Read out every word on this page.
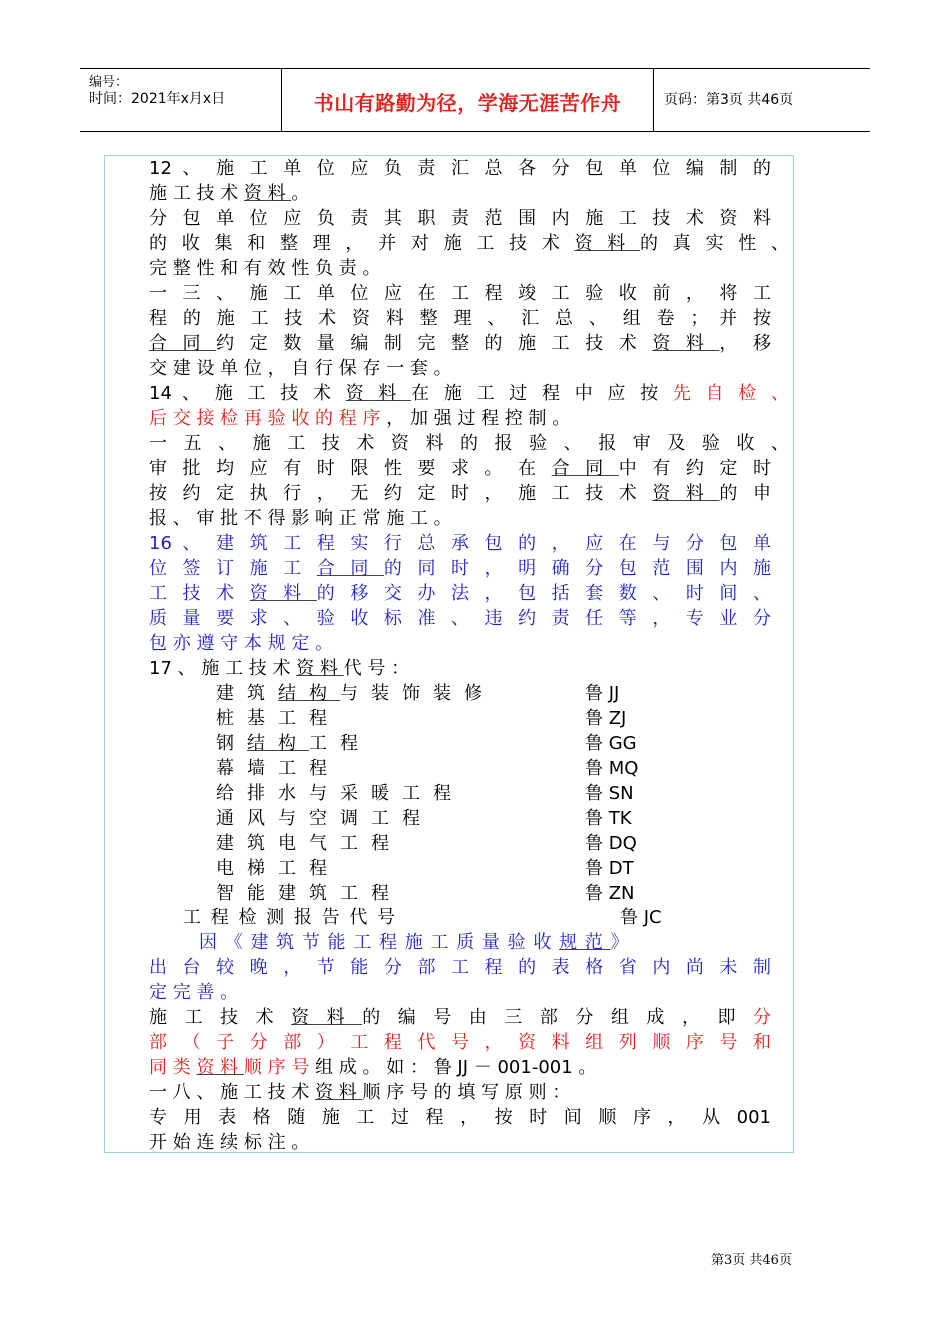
编号：
时间：2021年x月x日	书山有路勤为径，学海无涯苦作舟	页码：第3页 共46页
12 、 施 工 单 位 应 负 责 汇 总 各 分 包 单 位 编 制 的
施 工 技 术 资 料 。
分 包 单 位 应 负 责 其 职 责 范 围 内 施 工 技 术 资 料
的 收 集 和 整 理 ， 并 对 施 工 技 术 资 料 的 真 实 性 、
完 整 性 和 有 效 性 负 责 。
一 三 、 施 工 单 位 应 在 工 程 竣 工 验 收 前 ， 将 工
程 的 施 工 技 术 资 料 整 理 、 汇 总 、 组 卷 ； 并 按
合 同 约 定 数 量 编 制 完 整 的 施 工 技 术 资 料 ， 移
交 建 设 单 位 ， 自 行 保 存 一 套 。
14 、 施 工 技 术 资 料 在 施 工 过 程 中 应 按 先 自 检 、
后 交 接 检 再 验 收 的 程 序 ， 加 强 过 程 控 制 。
一 五 、 施 工 技 术 资 料 的 报 验 、 报 审 及 验 收 、
审 批 均 应 有 时 限 性 要 求 。 在 合 同 中 有 约 定 时
按 约 定 执 行 ， 无 约 定 时 ， 施 工 技 术 资 料 的 申
报 、 审 批 不 得 影 响 正 常 施 工 。
16 、 建 筑 工 程 实 行 总 承 包 的 ， 应 在 与 分 包 单
位 签 订 施 工 合 同 的 同 时 ， 明 确 分 包 范 围 内 施
工 技 术 资 料 的 移 交 办 法 ， 包 括 套 数 、 时 间 、
质 量 要 求 、 验 收 标 准 、 违 约 责 任 等 ， 专 业 分
包 亦 遵 守 本 规 定 。
17 、 施 工 技 术 资 料 代 号 ：
建筑结构与装饰装修	鲁 JJ
桩基工程	鲁 ZJ
钢结构工程	鲁 GG
幕墙工程	鲁 MQ
给排水与采暖工程	鲁 SN
通风与空调工程	鲁 TK
建筑电气工程	鲁 DQ
电梯工程	鲁 DT
智能建筑工程	鲁 ZN
工 程 检 测 报 告 代 号	鲁 JC
因 《 建 筑 节 能 工 程 施 工 质 量 验 收 规 范 》
出 台 较 晚 ， 节 能 分 部 工 程 的 表 格 省 内 尚 未 制
定 完 善 。
施 工 技 术 资 料 的 编 号 由 三 部 分 组 成 ， 即 分
部 （ 子 分 部 ） 工 程 代 号 ， 资 料 组 列 顺 序 号 和
同 类 资 料 顺 序 号 组 成 。 如 ： 鲁 JJ － 001-001 。
一 八 、 施 工 技 术 资 料 顺 序 号 的 填 写 原 则 ：
专 用 表 格 随 施 工 过 程 ， 按 时 间 顺 序 ， 从 001
开 始 连 续 标 注 。
第3页 共46页
